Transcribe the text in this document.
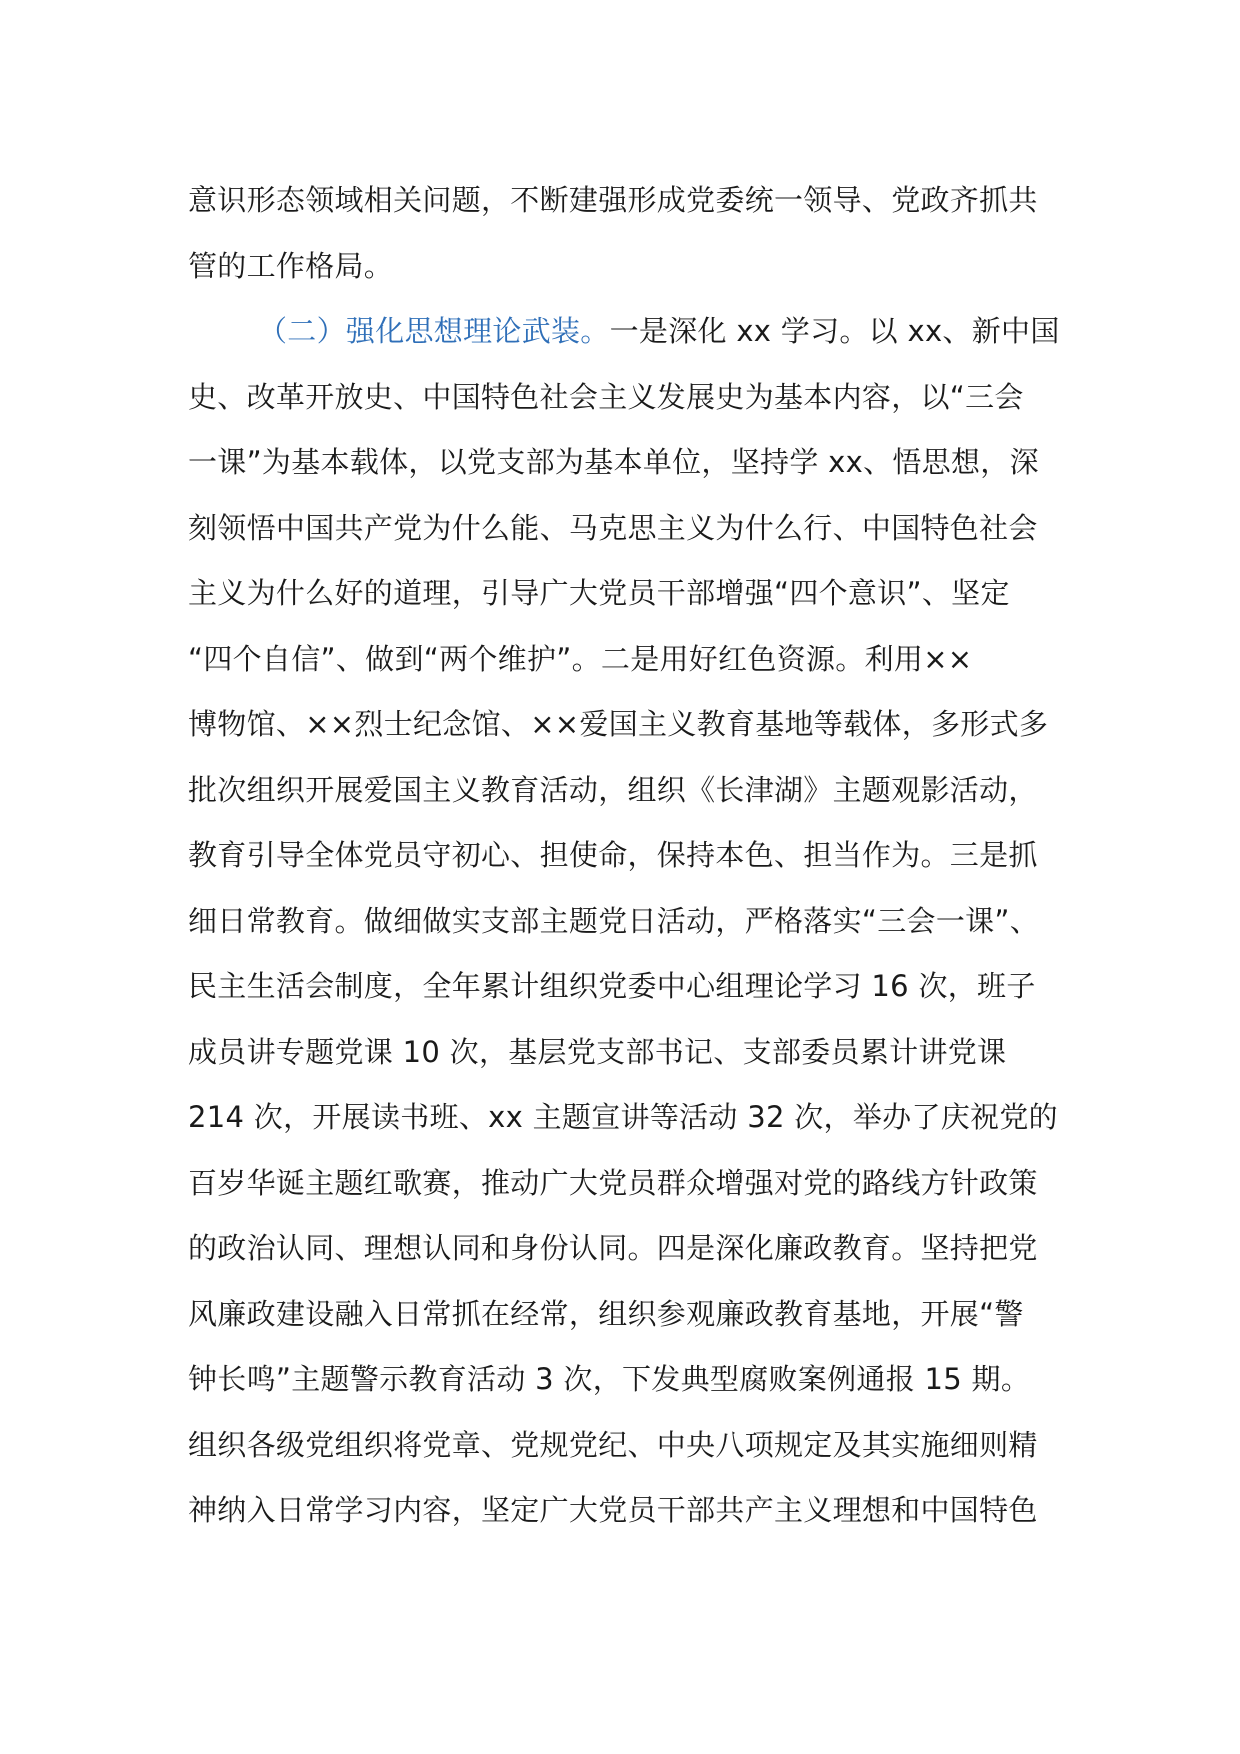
意识形态领域相关问题，不断建强形成党委统一领导、党政齐抓共
管的工作格局。
（二）强化思想理论武装。一是深化 xx 学习。以 xx、新中国
史、改革开放史、中国特色社会主义发展史为基本内容，以“三会
一课”为基本载体，以党支部为基本单位，坚持学 xx、悟思想，深
刻领悟中国共产党为什么能、马克思主义为什么行、中国特色社会
主义为什么好的道理，引导广大党员干部增强“四个意识”、坚定
“四个自信”、做到“两个维护”。二是用好红色资源。利用××
博物馆、××烈士纪念馆、××爱国主义教育基地等载体，多形式多
批次组织开展爱国主义教育活动，组织《长津湖》主题观影活动，
教育引导全体党员守初心、担使命，保持本色、担当作为。三是抓
细日常教育。做细做实支部主题党日活动，严格落实“三会一课”、
民主生活会制度，全年累计组织党委中心组理论学习 16 次，班子
成员讲专题党课 10 次，基层党支部书记、支部委员累计讲党课
214 次，开展读书班、xx 主题宣讲等活动 32 次，举办了庆祝党的
百岁华诞主题红歌赛，推动广大党员群众增强对党的路线方针政策
的政治认同、理想认同和身份认同。四是深化廉政教育。坚持把党
风廉政建设融入日常抓在经常，组织参观廉政教育基地，开展“警
钟长鸣”主题警示教育活动 3 次，下发典型腐败案例通报 15 期。
组织各级党组织将党章、党规党纪、中央八项规定及其实施细则精
神纳入日常学习内容，坚定广大党员干部共产主义理想和中国特色
